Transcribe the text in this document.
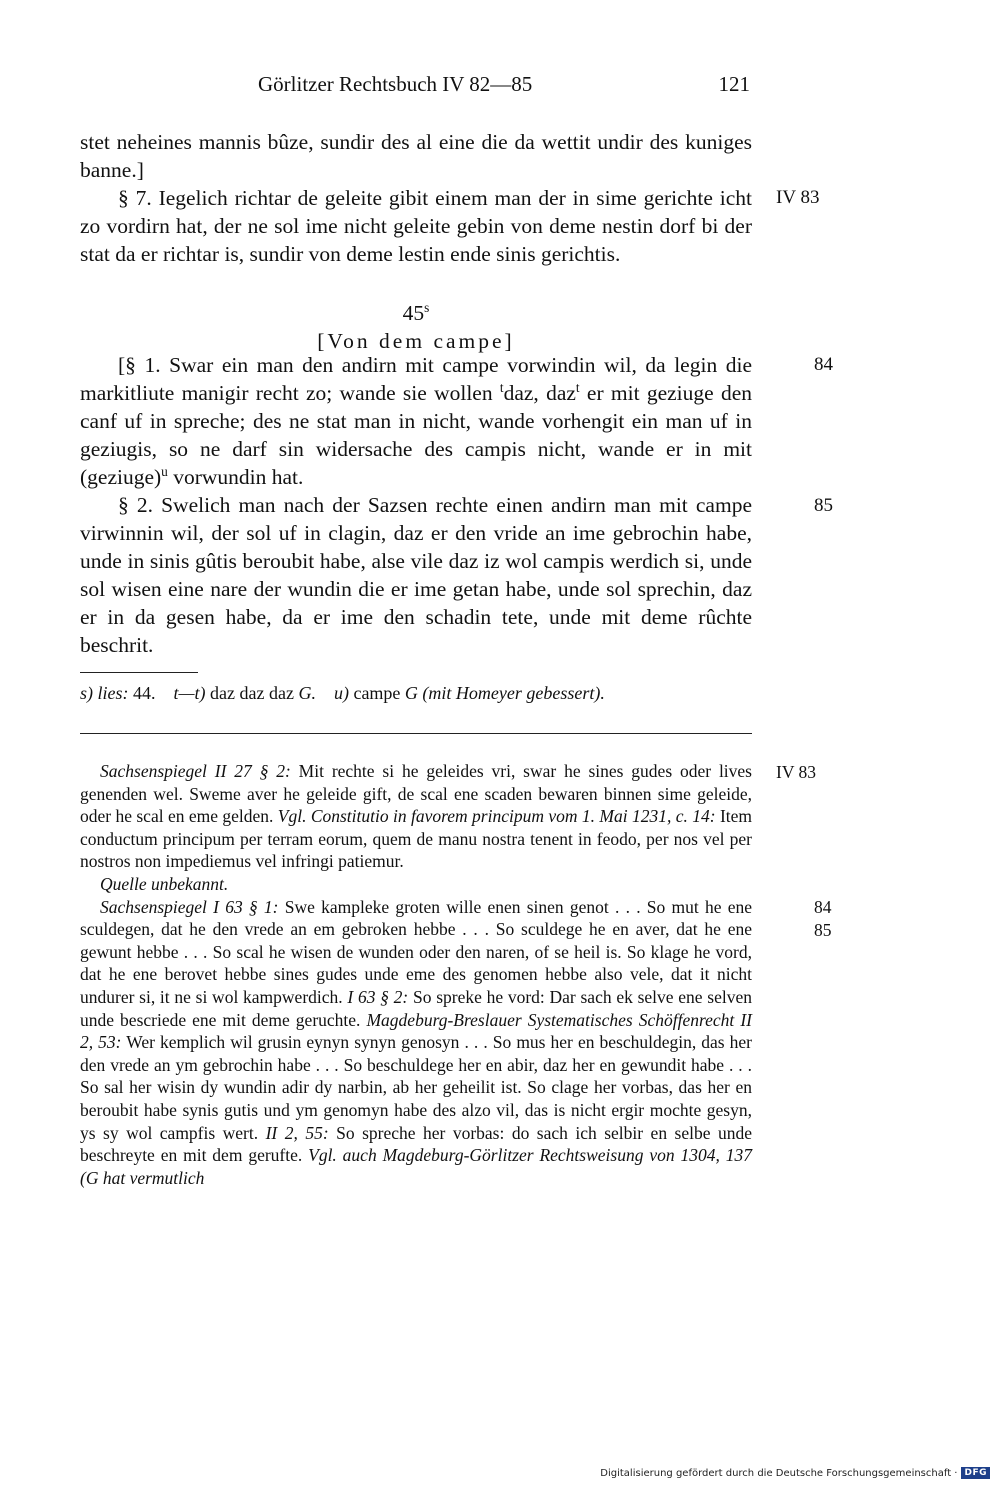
Görlitzer Rechtsbuch IV 82—85	121

stet neheines mannis bûze, sundir des al eine die da wettit undir des kuniges banne.]

§ 7. Iegelich richtar de geleite gibit einem man der in sime gerichte icht zo vordirn hat, der ne sol ime nicht geleite gebin von deme nestin dorf bi der stat da er richtar is, sundir von deme lestin ende sinis gerichtis.

45$^s$
[Von dem campe]

[§ 1. Swar ein man den andirn mit campe vorwindin wil, da legin die markitliute manigir recht zo; wande sie wollen $^t$daz, daz$^t$ er mit geziuge den canf uf in spreche; des ne stat man in nicht, wande vorhengit ein man uf in geziugis, so ne darf sin widersache des campis nicht, wande er in mit (geziuge)$^u$ vorwundin hat.

§ 2. Swelich man nach der Sazsen rechte einen andirn man mit campe virwinnin wil, der sol uf in clagin, daz er den vride an ime gebrochin habe, unde in sinis gûtis beroubit habe, alse vile daz iz wol campis werdich si, unde sol wisen eine nare der wundin die er ime getan habe, unde sol sprechin, daz er in da gesen habe, da er ime den schadin tete, unde mit deme rûchte beschrit.

IV 83
84
85
s) lies: 44. t—t) daz daz daz G. u) campe G (mit Homeyer gebessert).

Sachsenspiegel II 27 § 2: Mit rechte si he geleides vri, swar he sines gudes oder lives genenden wel. Sweme aver he geleide gift, de scal ene scaden bewaren binnen sime geleide, oder he scal en eme gelden. Vgl. Constitutio in favorem principum vom 1. Mai 1231, c. 14: Item conductum principum per terram eorum, quem de manu nostra tenent in feodo, per nos vel per nostros non impediemus vel infringi patiemur.

Quelle unbekannt.

Sachsenspiegel I 63 § 1: Swe kampleke groten wille enen sinen genot . . . So mut he ene sculdegen, dat he den vrede an em gebroken hebbe . . . So sculdege he en aver, dat he ene gewunt hebbe . . . So scal he wisen de wunden oder den naren, of se heil is. So klage he vord, dat he ene berovet hebbe sines gudes unde eme des genomen hebbe also vele, dat it nicht undurer si, it ne si wol kampwerdich. I 63 § 2: So spreke he vord: Dar sach ek selve ene selven unde bescriede ene mit deme geruchte. Magdeburg-Breslauer Systematisches Schöffenrecht II 2, 53: Wer kemplich wil grusin eynyn synyn genosyn . . . So mus her en beschuldegin, das her den vrede an ym gebrochin habe . . . So beschuldege her en abir, daz her en gewundit habe . . . So sal her wisin dy wundin adir dy narbin, ab her geheilit ist. So clage her vorbas, das her en beroubit habe synis gutis und ym genomyn habe des alzo vil, das is nicht ergir mochte gesyn, ys sy wol campfis wert. II 2, 55: So spreche her vorbas: do sach ich selbir en selbe unde beschreyte en mit dem gerufte. Vgl. auch Magdeburg-Görlitzer Rechtsweisung von 1304, 137 (G hat vermutlich

IV 83
84
85
Digitalisierung gefördert durch die Deutsche Forschungsgemeinschaft · DFG
